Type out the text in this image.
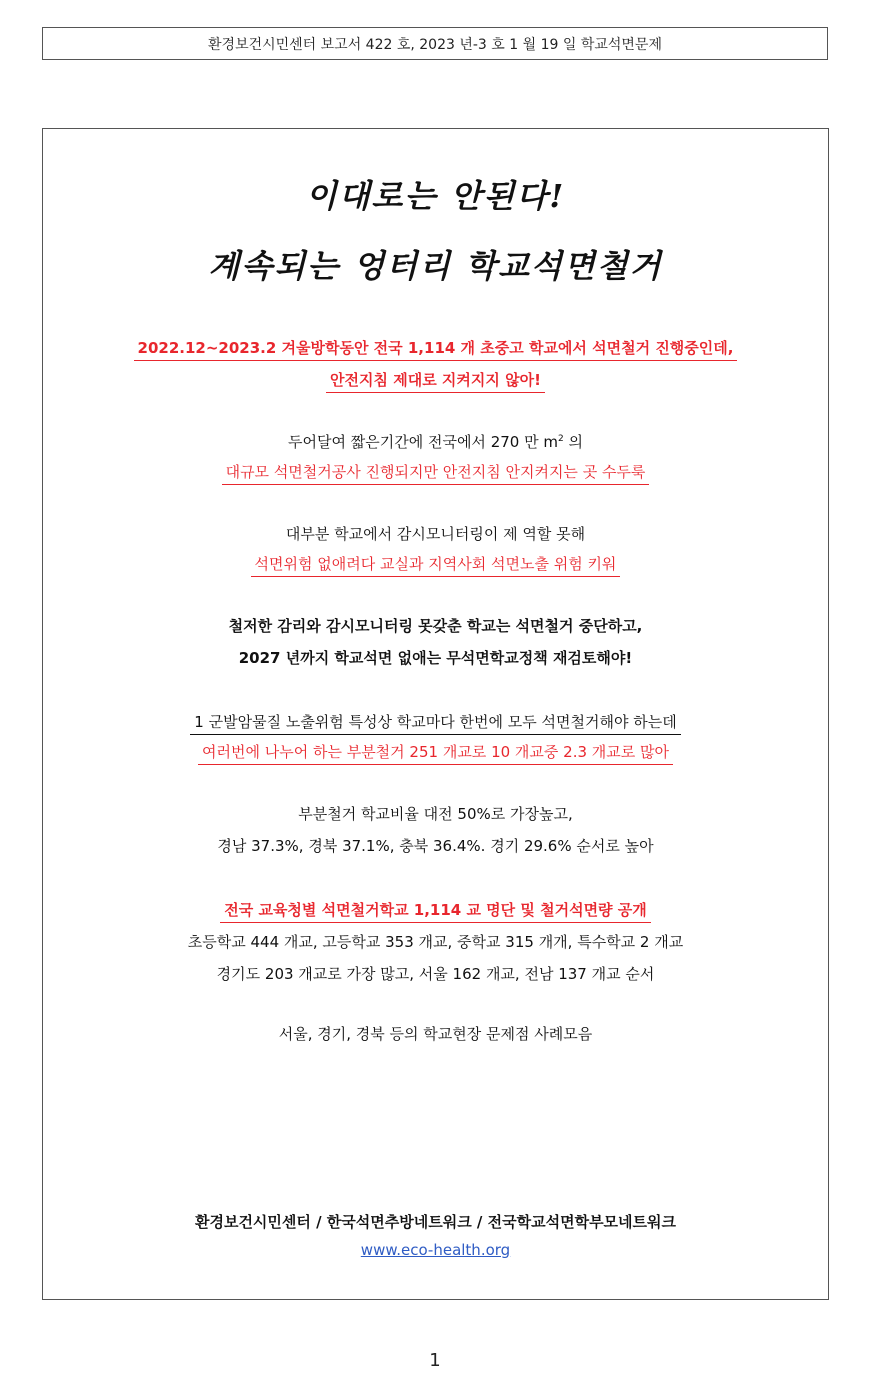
환경보건시민센터 보고서 422 호, 2023 년-3 호 1 월 19 일 학교석면문제
이대로는 안된다!
계속되는 엉터리 학교석면철거
2022.12~2023.2 겨울방학동안 전국 1,114 개 초중고 학교에서 석면철거 진행중인데,
안전지침 제대로 지켜지지 않아!
두어달여 짧은기간에 전국에서 270 만 $m^2$ 의
대규모 석면철거공사 진행되지만 안전지침 안지켜지는 곳 수두룩
대부분 학교에서 감시모니터링이 제 역할 못해
석면위험 없애려다 교실과 지역사회 석면노출 위험 키워
철저한 감리와 감시모니터링 못갖춘 학교는 석면철거 중단하고,
2027 년까지 학교석면 없애는 무석면학교정책 재검토해야!
1 군발암물질 노출위험 특성상 학교마다 한번에 모두 석면철거해야 하는데
여러번에 나누어 하는 부분철거 251 개교로 10 개교중 2.3 개교로 많아
부분철거 학교비율 대전 50%로 가장높고,
경남 37.3%, 경북 37.1%, 충북 36.4%. 경기 29.6% 순서로 높아
전국 교육청별 석면철거학교 1,114 교 명단 및 철거석면량 공개
초등학교 444 개교, 고등학교 353 개교, 중학교 315 개개, 특수학교 2 개교
경기도 203 개교로 가장 많고, 서울 162 개교, 전남 137 개교 순서
서울, 경기, 경북 등의 학교현장 문제점 사례모음
환경보건시민센터 / 한국석면추방네트워크 / 전국학교석면학부모네트워크
www.eco-health.org
1
